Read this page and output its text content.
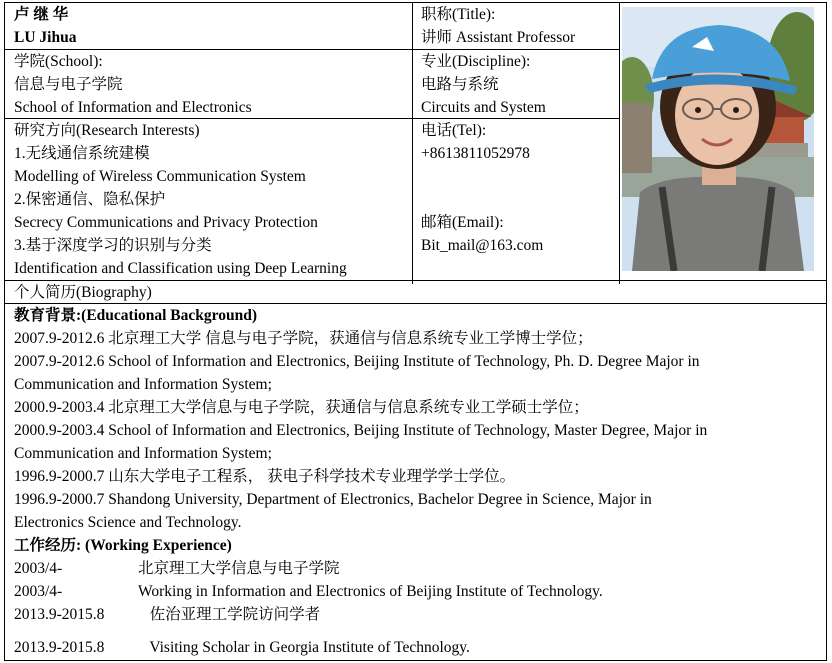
卢 继 华
LU Jihua
职称(Title):
讲师 Assistant Professor
学院(School):
信息与电子学院
School of Information and Electronics
专业(Discipline):
电路与系统
Circuits and System
研究方向(Research Interests)
1.无线通信系统建模
Modelling of Wireless Communication System
2.保密通信、隐私保护
Secrecy Communications and Privacy Protection
3.基于深度学习的识别与分类
Identification and Classification using Deep Learning
电话(Tel):
+8613811052978
邮箱(Email):
Bit_mail@163.com
个人简历(Biography)
教育背景:(Educational Background)
2007.9-2012.6 北京理工大学 信息与电子学院，获通信与信息系统专业工学博士学位；
2007.9-2012.6 School of Information and Electronics, Beijing Institute of Technology, Ph. D. Degree Major in
Communication and Information System;
2000.9-2003.4 北京理工大学信息与电子学院，获通信与信息系统专业工学硕士学位；
2000.9-2003.4 School of Information and Electronics, Beijing Institute of Technology, Master Degree, Major in
Communication and Information System;
1996.9-2000.7 山东大学电子工程系， 获电子科学技术专业理学学士学位。
1996.9-2000.7 Shandong University, Department of Electronics, Bachelor Degree in Science, Major in
Electronics Science and Technology.
工作经历: (Working Experience)
2003/4-	北京理工大学信息与电子学院
2003/4-	Working in Information and Electronics of Beijing Institute of Technology.
2013.9-2015.8   佐治亚理工学院访问学者
2013.9-2015.8   Visiting Scholar in Georgia Institute of Technology.
